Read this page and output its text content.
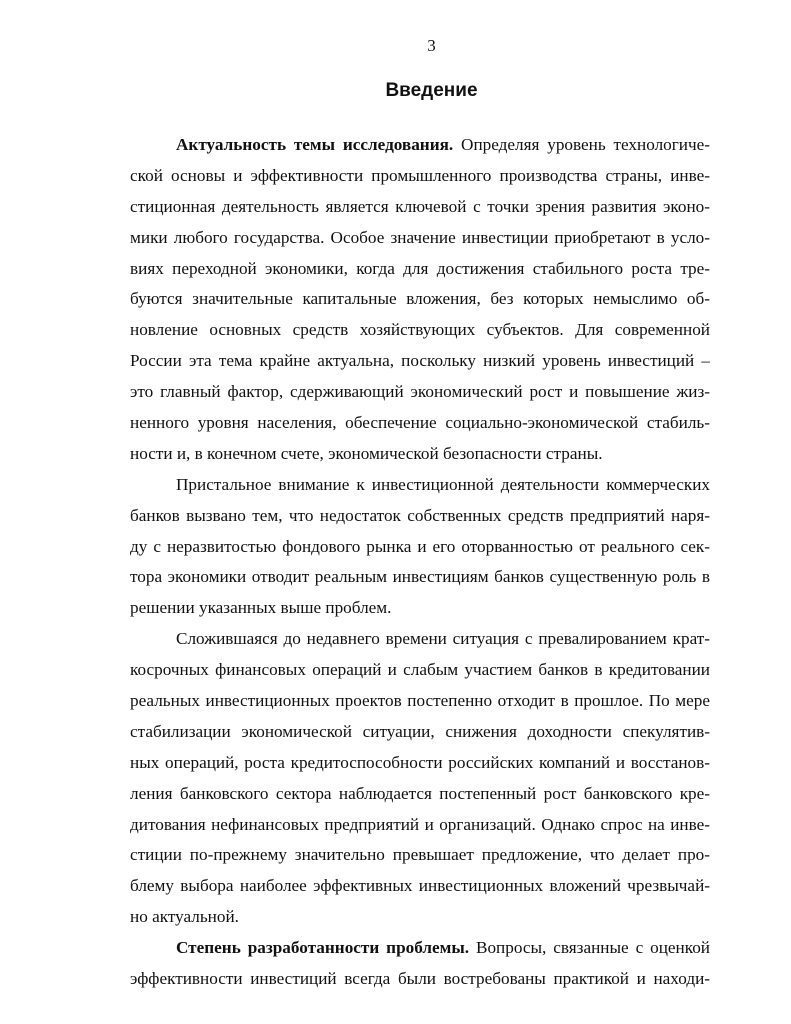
3
Введение
Актуальность темы исследования. Определяя уровень технологиче-
ской основы и эффективности промышленного производства страны, инве-
стиционная деятельность является ключевой с точки зрения развития эконо-
мики любого государства. Особое значение инвестиции приобретают в усло-
виях переходной экономики, когда для достижения стабильного роста тре-
буются значительные капитальные вложения, без которых немыслимо об-
новление основных средств хозяйствующих субъектов. Для современной
России эта тема крайне актуальна, поскольку низкий уровень инвестиций –
это главный фактор, сдерживающий экономический рост и повышение жиз-
ненного уровня населения, обеспечение социально-экономической стабиль-
ности и, в конечном счете, экономической безопасности страны.
Пристальное внимание к инвестиционной деятельности коммерческих
банков вызвано тем, что недостаток собственных средств предприятий наря-
ду с неразвитостью фондового рынка и его оторванностью от реального сек-
тора экономики отводит реальным инвестициям банков существенную роль в
решении указанных выше проблем.
Сложившаяся до недавнего времени ситуация с превалированием крат-
косрочных финансовых операций и слабым участием банков в кредитовании
реальных инвестиционных проектов постепенно отходит в прошлое. По мере
стабилизации экономической ситуации, снижения доходности спекулятив-
ных операций, роста кредитоспособности российских компаний и восстанов-
ления банковского сектора наблюдается постепенный рост банковского кре-
дитования нефинансовых предприятий и организаций. Однако спрос на инве-
стиции по-прежнему значительно превышает предложение, что делает про-
блему выбора наиболее эффективных инвестиционных вложений чрезвычай-
но актуальной.
Степень разработанности проблемы. Вопросы, связанные с оценкой
эффективности инвестиций всегда были востребованы практикой и находи-
